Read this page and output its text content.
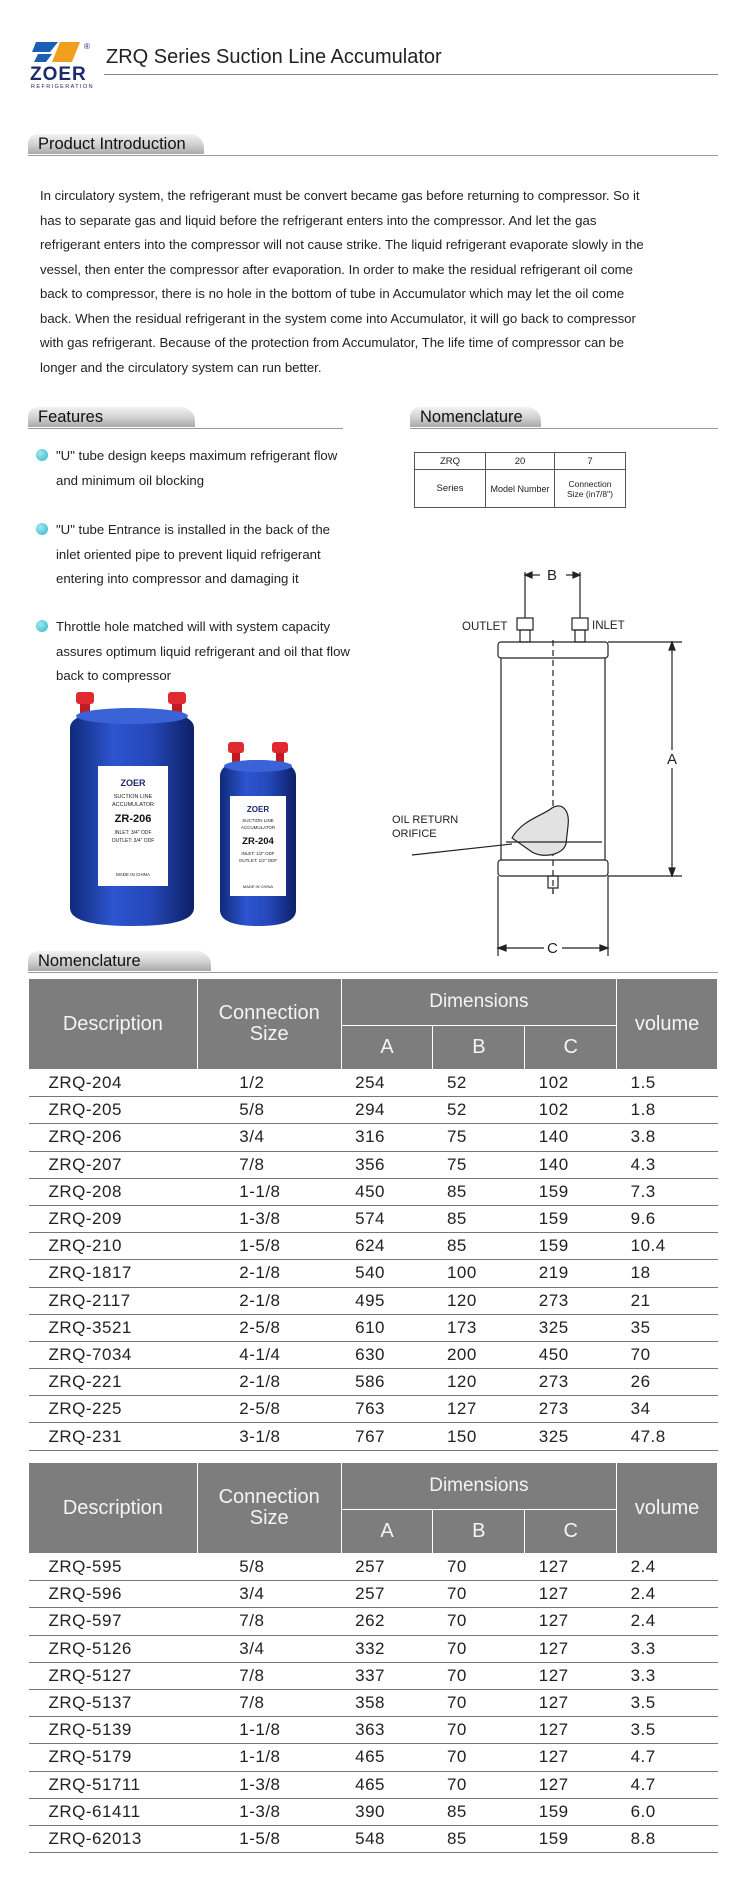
®
ZOER
REFRIGERATION
ZRQ Series Suction Line Accumulator
Product Introduction
In circulatory system, the refrigerant must be convert became gas before returning to compressor. So it
has to separate gas and liquid before the refrigerant enters into the compressor. And let the gas
refrigerant enters into the compressor will not cause strike. The liquid refrigerant evaporate slowly in the
vessel, then enter the compressor after evaporation. In order to make the residual refrigerant oil come
back to compressor, there is no hole in the bottom of tube in Accumulator which may let the oil come
back. When the residual refrigerant in the system come into Accumulator, it will go back to compressor
with gas refrigerant. Because of the protection from Accumulator, The life time of compressor can be
longer and the circulatory system can run better.
Features	Nomenclature
"U" tube design keeps maximum refrigerant flow
and minimum oil blocking
"U" tube Entrance is installed in the back of the
inlet oriented pipe to prevent liquid refrigerant
entering into compressor and damaging it
Throttle hole matched will with system capacity
assures optimum liquid refrigerant and oil that flow
back to compressor
ZRQ	20	7
Series	Model Number	Connection
Size (in7/8")
B
A
C
OUTLET	INLET
OIL RETURN
ORIFICE
ZOER
SUCTION LINE
ACCUMULATOR
ZR-206
INLET: 3/4" ODF
OUTLET: 3/4" ODF
MADE IN CHINA
ZOER
SUCTION LINE
ACCUMULATOR
ZR-204
INLET: 1/2" ODF
OUTLET: 1/2" ODF
MADE IN CHINA
Nomenclature
Description	Connection
Size	Dimensions			volume
		A	B	C	
ZRQ-204	1/2	254	52	102	1.5
ZRQ-205	5/8	294	52	102	1.8
ZRQ-206	3/4	316	75	140	3.8
ZRQ-207	7/8	356	75	140	4.3
ZRQ-208	1-1/8	450	85	159	7.3
ZRQ-209	1-3/8	574	85	159	9.6
ZRQ-210	1-5/8	624	85	159	10.4
ZRQ-1817	2-1/8	540	100	219	18
ZRQ-2117	2-1/8	495	120	273	21
ZRQ-3521	2-5/8	610	173	325	35
ZRQ-7034	4-1/4	630	200	450	70
ZRQ-221	2-1/8	586	120	273	26
ZRQ-225	2-5/8	763	127	273	34
ZRQ-231	3-1/8	767	150	325	47.8
Description	Connection
Size	Dimensions			volume
		A	B	C	
ZRQ-595	5/8	257	70	127	2.4
ZRQ-596	3/4	257	70	127	2.4
ZRQ-597	7/8	262	70	127	2.4
ZRQ-5126	3/4	332	70	127	3.3
ZRQ-5127	7/8	337	70	127	3.3
ZRQ-5137	7/8	358	70	127	3.5
ZRQ-5139	1-1/8	363	70	127	3.5
ZRQ-5179	1-1/8	465	70	127	4.7
ZRQ-51711	1-3/8	465	70	127	4.7
ZRQ-61411	1-3/8	390	85	159	6.0
ZRQ-62013	1-5/8	548	85	159	8.8
